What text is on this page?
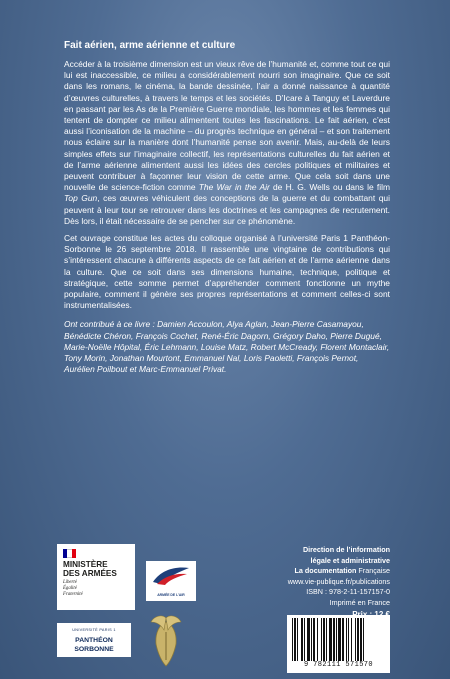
Fait aérien, arme aérienne et culture

Accéder à la troisième dimension est un vieux rêve de l’humanité et, comme tout ce qui lui est inaccessible, ce milieu a considérablement nourri son imaginaire. Que ce soit dans les romans, le cinéma, la bande dessinée, l’air a donné naissance à quantité d’œuvres culturelles, à travers le temps et les sociétés. D’Icare à Tanguy et Laverdure en passant par les As de la Première Guerre mondiale, les hommes et les femmes qui tentent de dompter ce milieu alimentent toutes les fascinations. Le fait aérien, c’est aussi l’iconisation de la machine – du progrès technique en général – et son traitement nous éclaire sur la manière dont l’humanité pense son avenir. Mais, au-delà de leurs simples effets sur l’imaginaire collectif, les représentations culturelles du fait aérien et de l’arme aérienne alimentent aussi les idées des cercles politiques et militaires et peuvent contribuer à façonner leur vision de cette arme. Que cela soit dans une nouvelle de science-fiction comme The War in the Air de H. G. Wells ou dans le film Top Gun, ces œuvres véhiculent des conceptions de la guerre et du combattant qui peuvent à leur tour se retrouver dans les doctrines et les campagnes de recrutement. Dès lors, il était nécessaire de se pencher sur ce phénomène.

Cet ouvrage constitue les actes du colloque organisé à l’université Paris 1 Panthéon-Sorbonne le 26 septembre 2018. Il rassemble une vingtaine de contributions qui s’intéressent chacune à différents aspects de ce fait aérien et de l’arme aérienne dans la culture. Que ce soit dans ses dimensions humaine, technique, politique et stratégique, cette somme permet d’appréhender comment fonctionne un mythe populaire, comment il génère ses propres représentations et comment celles-ci sont instrumentalisées.

Ont contribué à ce livre : Damien Accoulon, Alya Aglan, Jean-Pierre Casamayou, Bénédicte Chéron, François Cochet, René-Éric Dagorn, Grégory Daho, Pierre Dugué, Marie-Noëlle Hôpital, Éric Lehmann, Louise Matz, Robert McCready, Florent Montaclair, Tony Morin, Jonathan Mourtont, Emmanuel Nal, Loris Paoletti, François Pernot, Aurélien Poilbout et Marc-Emmanuel Privat.

MINISTÈRE
DES ARMÉES
Liberté
Égalité
Fraternité	ARMÉE DE L’AIR
UNIVERSITÉ PARIS 1
PANTHÉON SORBONNE
Direction de l’information
légale et administrative
La documentation Française
www.vie-publique.fr/publications
ISBN : 978-2-11-157157-0
Imprimé en France
9 782111 571570
